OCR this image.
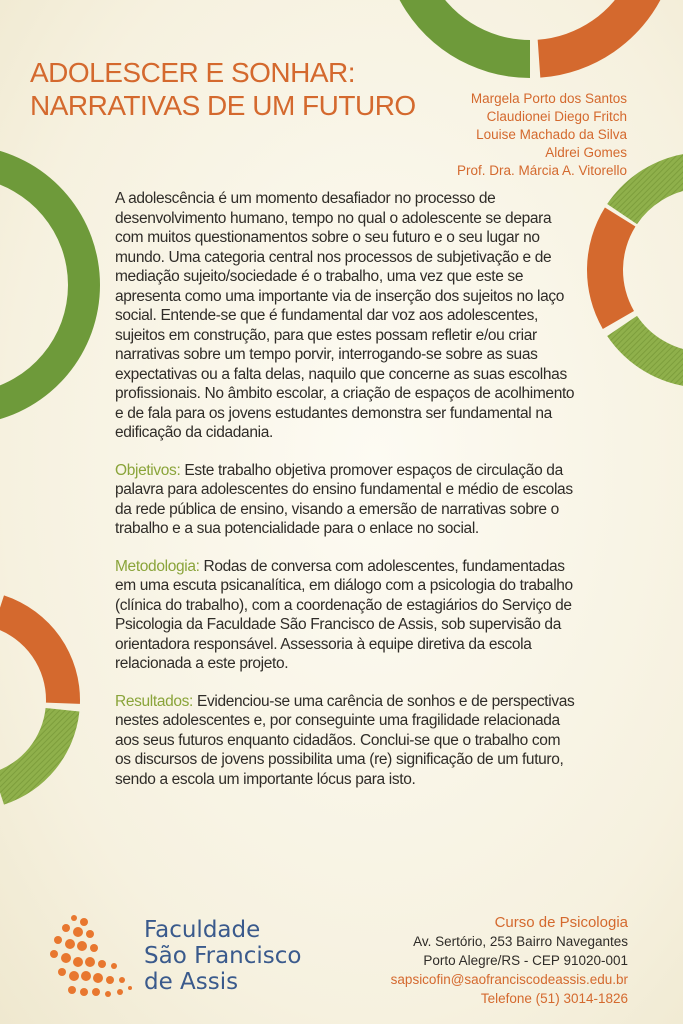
ADOLESCER E SONHAR:
NARRATIVAS DE UM FUTURO	Margela Porto dos Santos
Claudionei Diego Fritch
Louise Machado da Silva
Aldrei Gomes
Prof. Dra. Márcia A. Vitorello

A adolescência é um momento desafiador no processo de desenvolvimento humano, tempo no qual o adolescente se depara com muitos questionamentos sobre o seu futuro e o seu lugar no mundo. Uma categoria central nos processos de subjetivação e de mediação sujeito/sociedade é o trabalho, uma vez que este se apresenta como uma importante via de inserção dos sujeitos no laço social. Entende-se que é fundamental dar voz aos adolescentes, sujeitos em construção, para que estes possam refletir e/ou criar narrativas sobre um tempo porvir, interrogando-se sobre as suas expectativas ou a falta delas, naquilo que concerne as suas escolhas profissionais. No âmbito escolar, a criação de espaços de acolhimento e de fala para os jovens estudantes demonstra ser fundamental na edificação da cidadania.

Objetivos: Este trabalho objetiva promover espaços de circulação da palavra para adolescentes do ensino fundamental e médio de escolas da rede pública de ensino, visando a emersão de narrativas sobre o trabalho e a sua potencialidade para o enlace no social.

Metodologia: Rodas de conversa com adolescentes, fundamentadas em uma escuta psicanalítica, em diálogo com a psicologia do trabalho (clínica do trabalho), com a coordenação de estagiários do Serviço de Psicologia da Faculdade São Francisco de Assis, sob supervisão da orientadora responsável. Assessoria à equipe diretiva da escola relacionada a este projeto.

Resultados: Evidenciou-se uma carência de sonhos e de perspectivas nestes adolescentes e, por conseguinte uma fragilidade relacionada aos seus futuros enquanto cidadãos. Conclui-se que o trabalho com os discursos de jovens possibilita uma (re) significação de um futuro, sendo a escola um importante lócus para isto.

Faculdade
São Francisco
de Assis
Curso de Psicologia
Av. Sertório, 253 Bairro Navegantes
Porto Alegre/RS - CEP 91020-001
sapsicofin@saofranciscodeassis.edu.br
Telefone (51) 3014-1826
